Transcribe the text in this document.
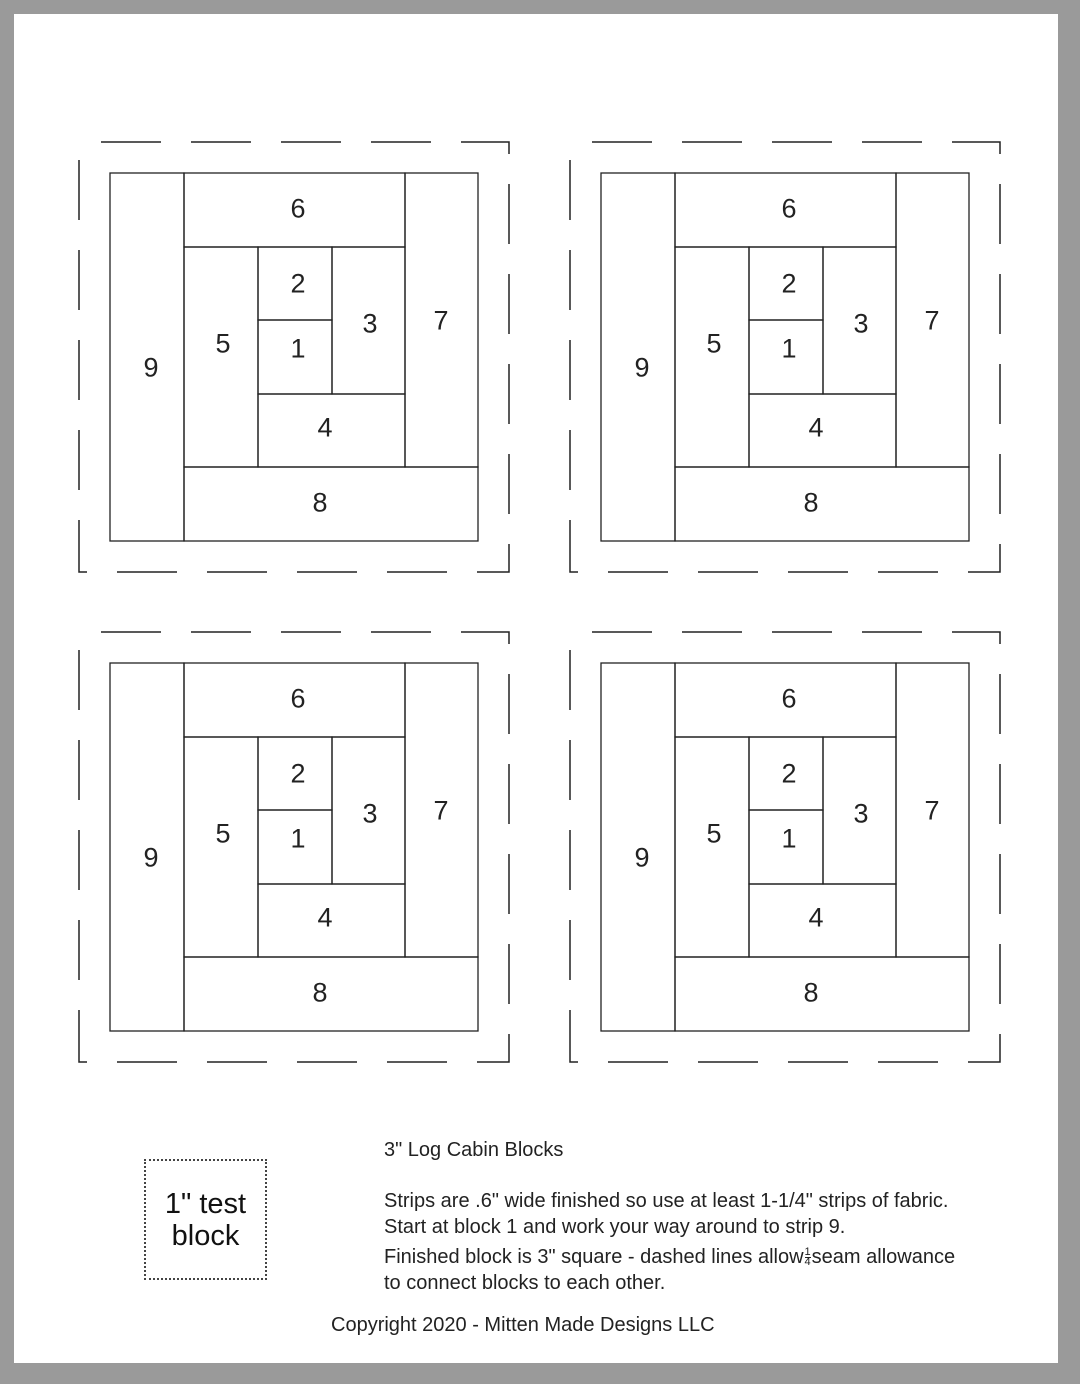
9
6
7
8
5
2
3
1
4
9
6
7
8
5
2
3
1
4
9
6
7
8
5
2
3
1
4
9
6
7
8
5
2
3
1
4
1" test
block
3" Log Cabin Blocks
Strips are .6" wide finished so use at least 1-1/4" strips of fabric.
Start at block 1 and work your way around to strip 9.
Finished block is 3" square - dashed lines allow $\frac{1}{4}$ seam allowance
to connect blocks to each other.
Copyright 2020 - Mitten Made Designs LLC
